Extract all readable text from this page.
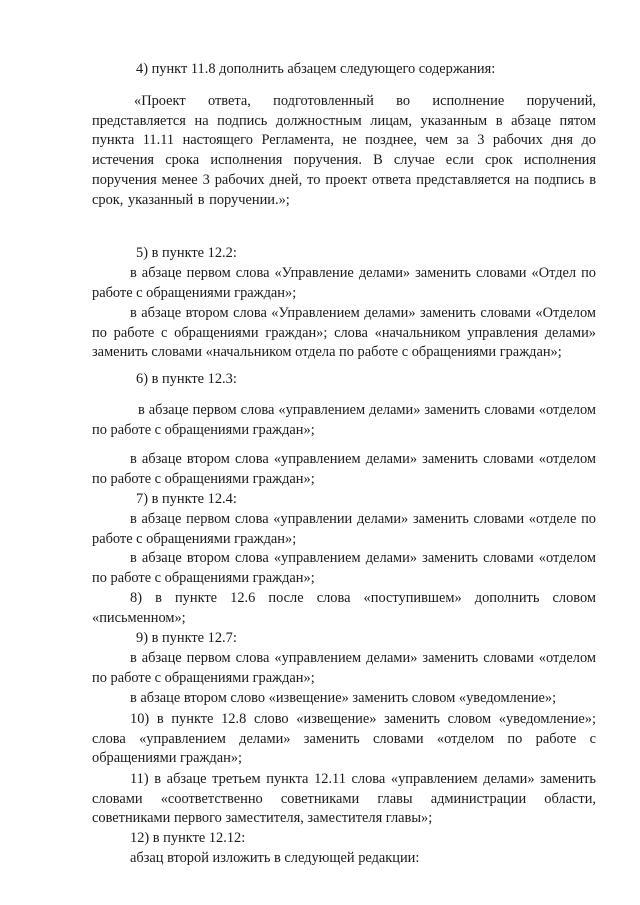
4) пункт 11.8 дополнить абзацем следующего содержания:

«Проект ответа, подготовленный во исполнение поручений, представляется на подпись должностным лицам, указанным в абзаце пятом пункта 11.11 настоящего Регламента, не позднее, чем за 3 рабочих дня до истечения срока исполнения поручения. В случае если срок исполнения поручения менее 3 рабочих дней, то проект ответа представляется на подпись в срок, указанный в поручении.»;

5) в пункте 12.2:

в абзаце первом слова «Управление делами» заменить словами «Отдел по работе с обращениями граждан»;

в абзаце втором слова «Управлением делами» заменить словами «Отделом по работе с обращениями граждан»; слова «начальником управления делами» заменить словами «начальником отдела по работе с обращениями граждан»;

6) в пункте 12.3:

в абзаце первом слова «управлением делами» заменить словами «отделом по работе с обращениями граждан»;

в абзаце втором слова «управлением делами» заменить словами «отделом по работе с обращениями граждан»;

7) в пункте 12.4:

в абзаце первом слова «управлении делами» заменить словами «отделе по работе с обращениями граждан»;

в абзаце втором слова «управлением делами» заменить словами «отделом по работе с обращениями граждан»;

8) в пункте 12.6 после слова «поступившем» дополнить словом «письменном»;

9) в пункте 12.7:

в абзаце первом слова «управлением делами» заменить словами «отделом по работе с обращениями граждан»;

в абзаце втором слово «извещение» заменить словом «уведомление»;

10) в пункте 12.8 слово «извещение» заменить словом «уведомление»; слова «управлением делами» заменить словами «отделом по работе с обращениями граждан»;

11) в абзаце третьем пункта 12.11 слова «управлением делами» заменить словами «соответственно советниками главы администрации области, советниками первого заместителя, заместителя главы»;

12) в пункте 12.12:

абзац второй изложить в следующей редакции:
